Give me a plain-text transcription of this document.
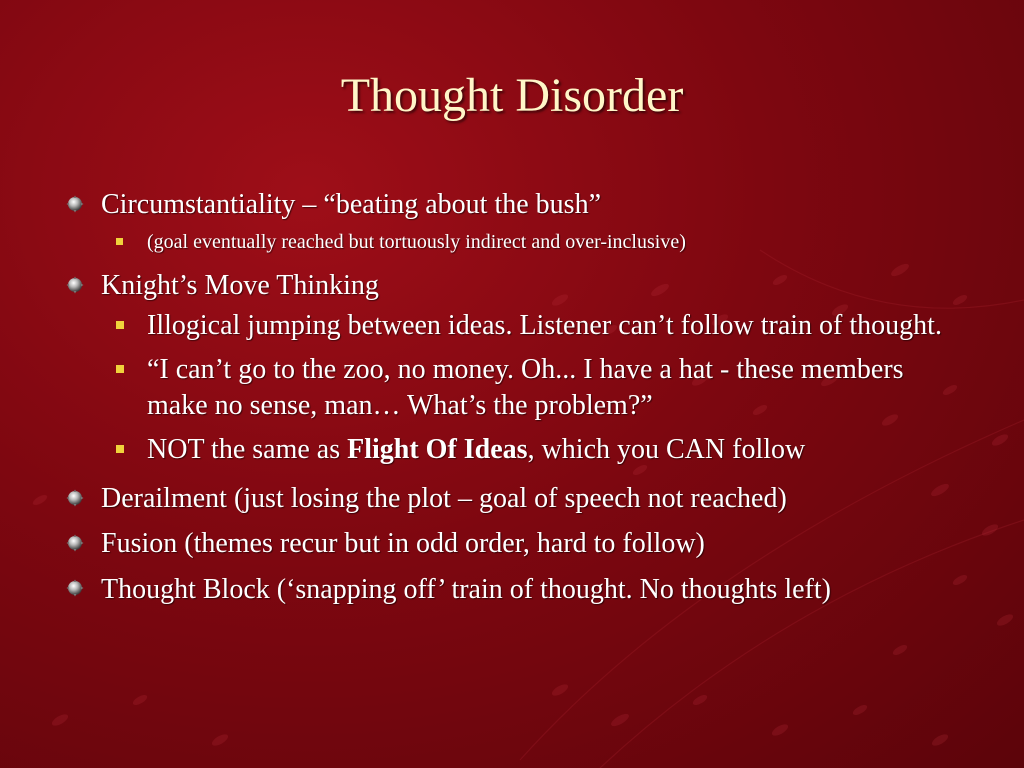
Thought Disorder
Circumstantiality – “beating about the bush”
(goal eventually reached but tortuously indirect and over-inclusive)
Knight’s Move Thinking
Illogical jumping between ideas. Listener can’t follow train of thought.
“I can’t go to the zoo, no money. Oh... I have a hat - these members make no sense, man… What’s the problem?”
NOT the same as Flight Of Ideas, which you CAN follow
Derailment (just losing the plot – goal of speech not reached)
Fusion (themes recur but in odd order, hard to follow)
Thought Block (‘snapping off’ train of thought. No thoughts left)
